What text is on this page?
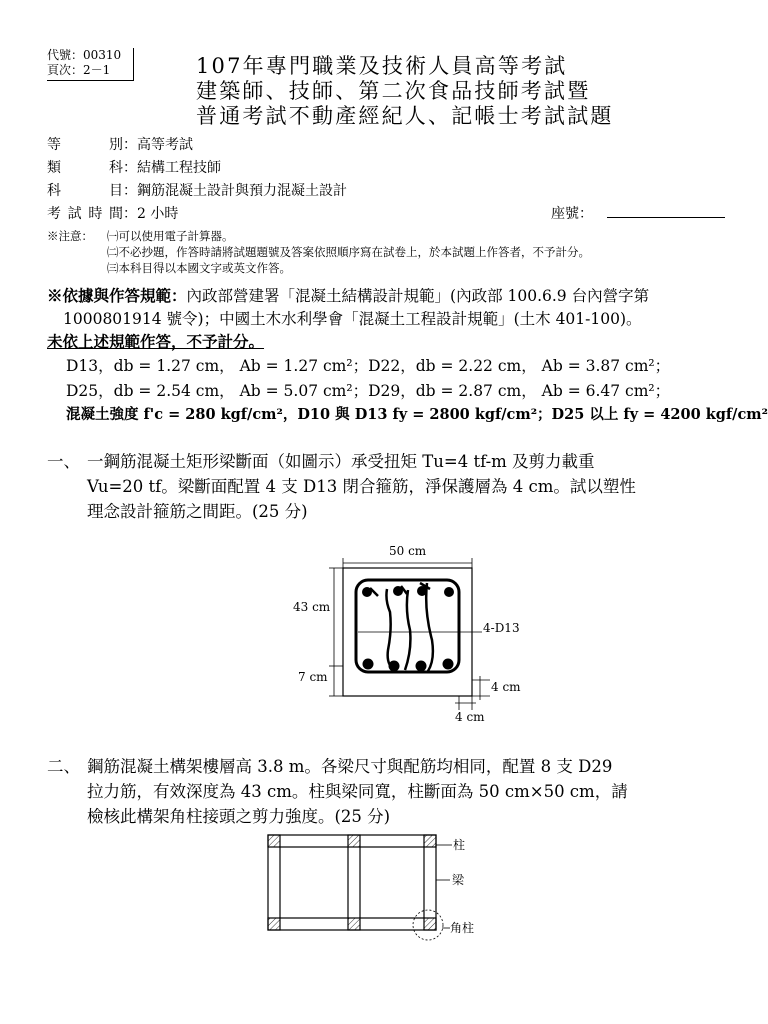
代號：00310
頁次：2－1	107年專門職業及技術人員高等考試
建築師、技師、第二次食品技師考試暨
普通考試不動產經紀人、記帳士考試試題
等別：高等考試
類科：結構工程技師
科目：鋼筋混凝土設計與預力混凝土設計
考試時間：2 小時	座號：
※注意： ㈠可以使用電子計算器。
㈡不必抄題，作答時請將試題題號及答案依照順序寫在試卷上，於本試題上作答者，不予計分。
㈢本科目得以本國文字或英文作答。
※依據與作答規範：內政部營建署「混凝土結構設計規範」(內政部 100.6.9 台內營字第
1000801914 號令)；中國土木水利學會「混凝土工程設計規範」(土木 401-100)。
未依上述規範作答，不予計分。
D13，db = 1.27 cm， Ab = 1.27 cm²；D22，db = 2.22 cm， Ab = 3.87 cm²；
D25，db = 2.54 cm， Ab = 5.07 cm²；D29，db = 2.87 cm， Ab = 6.47 cm²；
混凝土強度 f'c = 280 kgf/cm²，D10 與 D13 fy = 2800 kgf/cm²；D25 以上 fy = 4200 kgf/cm²
一、 一鋼筋混凝土矩形梁斷面（如圖示）承受扭矩 Tu=4 tf-m 及剪力載重
Vu=20 tf。梁斷面配置 4 支 D13 閉合箍筋，淨保護層為 4 cm。試以塑性
理念設計箍筋之間距。(25 分)
50 cm
4-D13
43 cm
7 cm
4 cm
4 cm
二、 鋼筋混凝土構架樓層高 3.8 m。各梁尺寸與配筋均相同，配置 8 支 D29
拉力筋，有效深度為 43 cm。柱與梁同寬，柱斷面為 50 cm×50 cm，請
檢核此構架角柱接頭之剪力強度。(25 分)
柱
梁
角柱
